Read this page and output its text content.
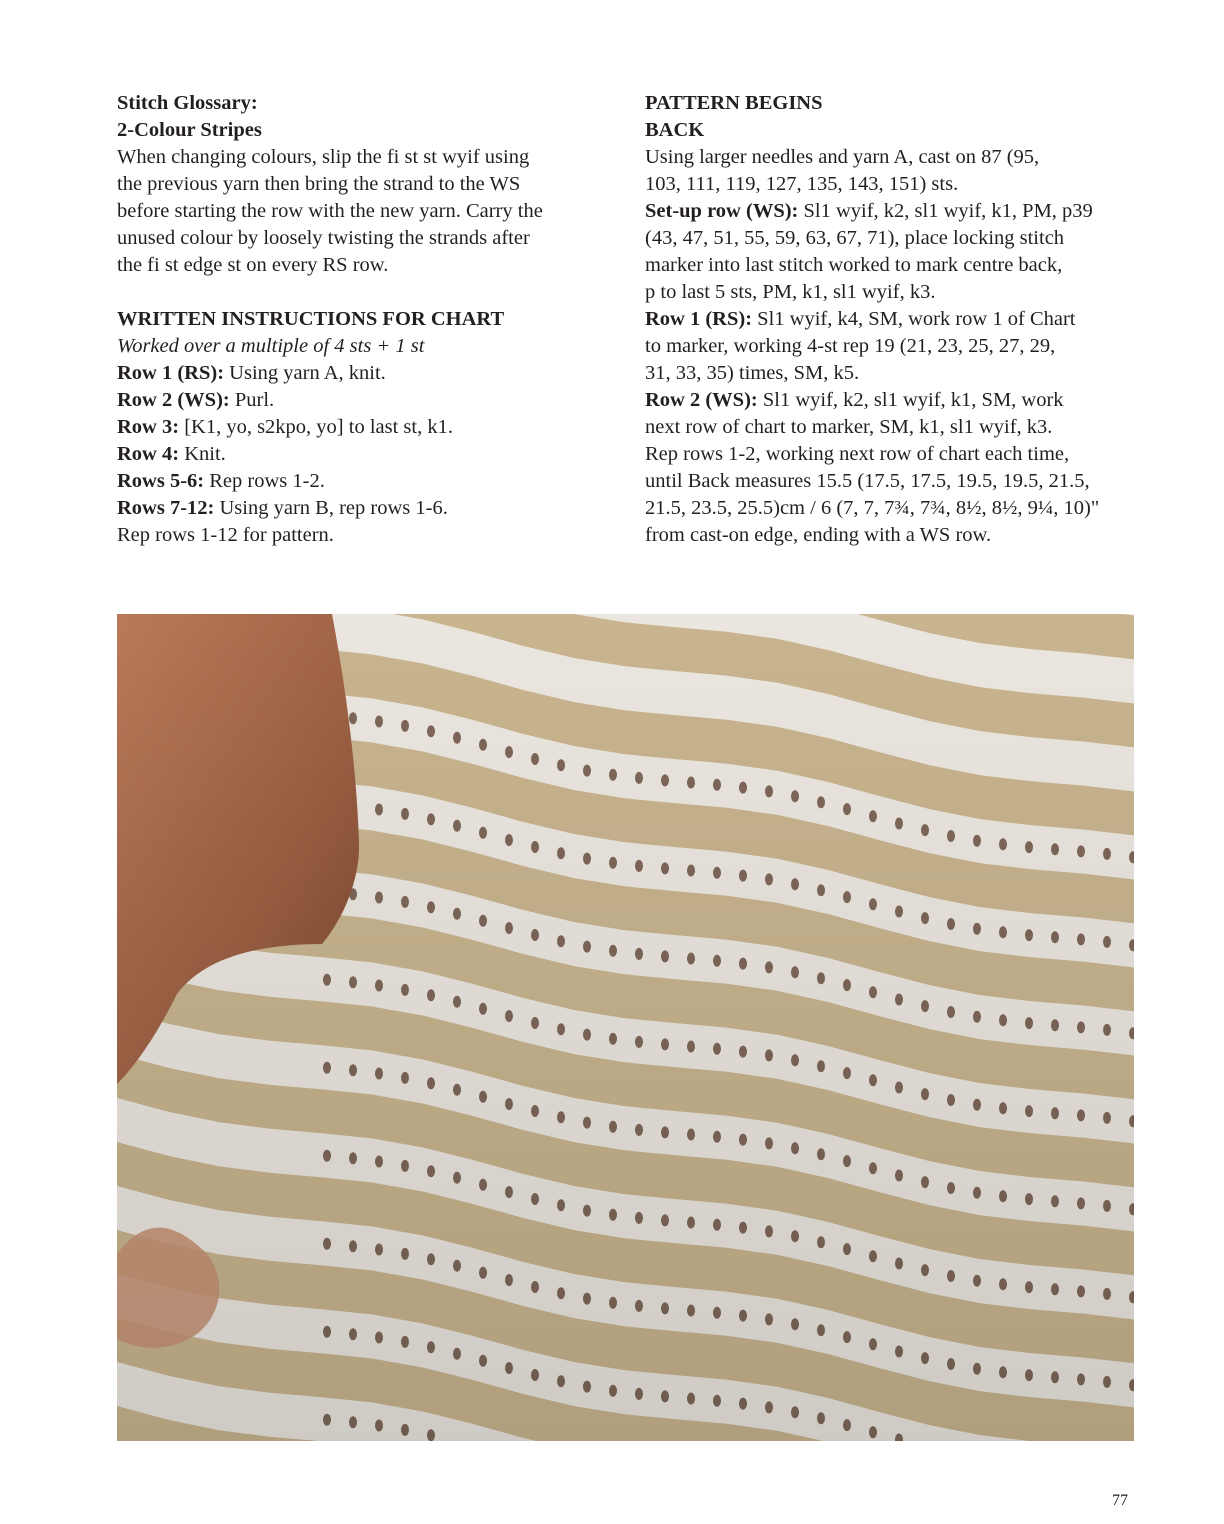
Stitch Glossary:

2-Colour Stripes

When changing colours, slip the fi st st wyif using

the previous yarn then bring the strand to the WS

before starting the row with the new yarn. Carry the

unused colour by loosely twisting the strands after

the fi st edge st on every RS row.

WRITTEN INSTRUCTIONS FOR CHART

Worked over a multiple of 4 sts + 1 st

Row 1 (RS): Using yarn A, knit.

Row 2 (WS): Purl.

Row 3: [K1, yo, s2kpo, yo] to last st, k1.

Row 4: Knit.

Rows 5-6: Rep rows 1-2.

Rows 7-12: Using yarn B, rep rows 1-6.

Rep rows 1-12 for pattern.

PATTERN BEGINS

BACK

Using larger needles and yarn A, cast on 87 (95,

103, 111, 119, 127, 135, 143, 151) sts.

Set-up row (WS): Sl1 wyif, k2, sl1 wyif, k1, PM, p39

(43, 47, 51, 55, 59, 63, 67, 71), place locking stitch

marker into last stitch worked to mark centre back,

p to last 5 sts, PM, k1, sl1 wyif, k3.

Row 1 (RS): Sl1 wyif, k4, SM, work row 1 of Chart

to marker, working 4-st rep 19 (21, 23, 25, 27, 29,

31, 33, 35) times, SM, k5.

Row 2 (WS): Sl1 wyif, k2, sl1 wyif, k1, SM, work

next row of chart to marker, SM, k1, sl1 wyif, k3.

Rep rows 1-2, working next row of chart each time,

until Back measures 15.5 (17.5, 17.5, 19.5, 19.5, 21.5,

21.5, 23.5, 25.5)cm / 6 (7, 7, 7¾, 7¾, 8½, 8½, 9¼, 10)"

from cast-on edge, ending with a WS row.

77
